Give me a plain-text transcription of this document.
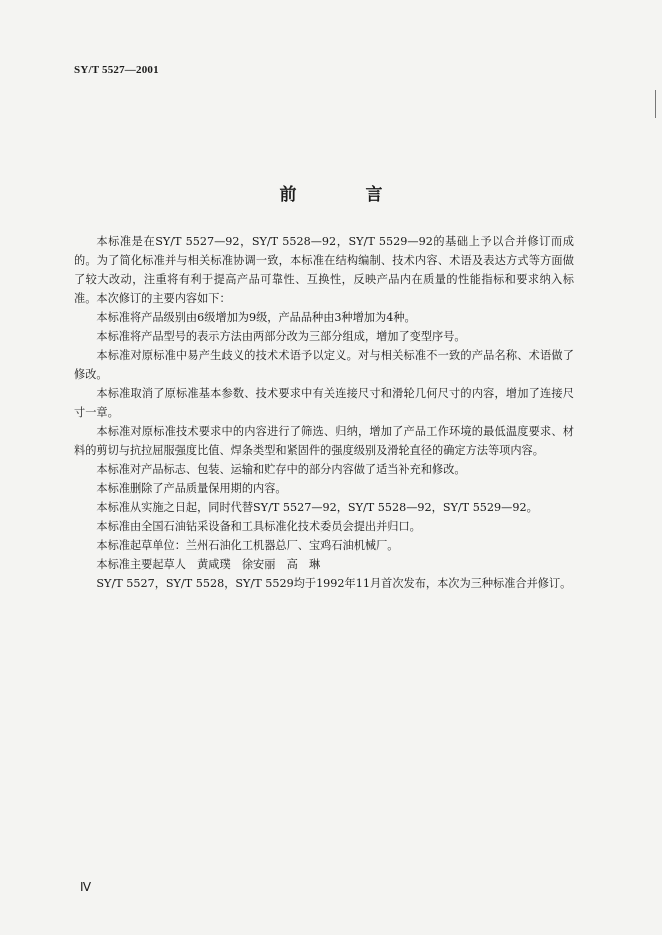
SY/T 5527—2001
前　言

本标准是在SY/T 5527—92，SY/T 5528—92，SY/T 5529—92的基础上予以合并修订而成的。为了简化标准并与相关标准协调一致，本标准在结构编制、技术内容、术语及表达方式等方面做了较大改动，注重将有利于提高产品可靠性、互换性，反映产品内在质量的性能指标和要求纳入标准。本次修订的主要内容如下：

本标准将产品级别由6级增加为9级，产品品种由3种增加为4种。

本标准将产品型号的表示方法由两部分改为三部分组成，增加了变型序号。

本标准对原标准中易产生歧义的技术术语予以定义。对与相关标准不一致的产品名称、术语做了修改。

本标准取消了原标准基本参数、技术要求中有关连接尺寸和滑轮几何尺寸的内容，增加了连接尺寸一章。

本标准对原标准技术要求中的内容进行了筛选、归纳，增加了产品工作环境的最低温度要求、材料的剪切与抗拉屈服强度比值、焊条类型和紧固件的强度级别及滑轮直径的确定方法等项内容。

本标准对产品标志、包装、运输和贮存中的部分内容做了适当补充和修改。

本标准删除了产品质量保用期的内容。

本标准从实施之日起，同时代替SY/T 5527—92，SY/T 5528—92，SY/T 5529—92。

本标准由全国石油钻采设备和工具标准化技术委员会提出并归口。

本标准起草单位：兰州石油化工机器总厂、宝鸡石油机械厂。

本标准主要起草人　黄咸璞　徐安丽　高　琳

SY/T 5527，SY/T 5528，SY/T 5529均于1992年11月首次发布，本次为三种标准合并修订。

Ⅳ
